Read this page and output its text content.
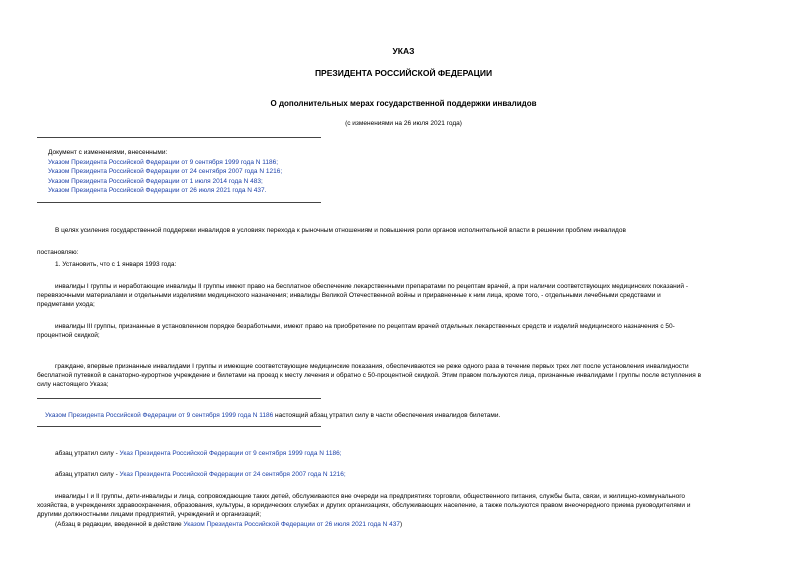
УКАЗ
ПРЕЗИДЕНТА РОССИЙСКОЙ ФЕДЕРАЦИИ
О дополнительных мерах государственной поддержки инвалидов
(с изменениями на 26 июля 2021 года)
Документ с изменениями, внесенными:
Указом Президента Российской Федерации от 9 сентября 1999 года N 1186;
Указом Президента Российской Федерации от 24 сентября 2007 года N 1216;
Указом Президента Российской Федерации от 1 июля 2014 года N 483;
Указом Президента Российской Федерации от 26 июля 2021 года N 437.
В целях усиления государственной поддержки инвалидов в условиях перехода к рыночным отношениям и повышения роли органов исполнительной власти в решении проблем инвалидов
постановляю:
1. Установить, что с 1 января 1993 года:
инвалиды I группы и неработающие инвалиды II группы имеют право на бесплатное обеспечение лекарственными препаратами по рецептам врачей, а при наличии соответствующих медицинских показаний -
перевязочными материалами и отдельными изделиями медицинского назначения; инвалиды Великой Отечественной войны и приравненные к ним лица, кроме того, - отдельными лечебными средствами и
предметами ухода;
инвалиды III группы, признанные в установленном порядке безработными, имеют право на приобретение по рецептам врачей отдельных лекарственных средств и изделий медицинского назначения с 50-
процентной скидкой;
граждане, впервые признанные инвалидами I группы и имеющие соответствующие медицинские показания, обеспечиваются не реже одного раза в течение первых трех лет после установления инвалидности
бесплатной путевкой в санаторно-курортное учреждение и билетами на проезд к месту лечения и обратно с 50-процентной скидкой. Этим правом пользуются лица, признанные инвалидами I группы после вступления в
силу настоящего Указа;
Указом Президента Российской Федерации от 9 сентября 1999 года N 1186 настоящий абзац утратил силу в части обеспечения инвалидов билетами.
абзац утратил силу - Указ Президента Российской Федерации от 9 сентября 1999 года N 1186;
абзац утратил силу - Указ Президента Российской Федерации от 24 сентября 2007 года N 1216;
инвалиды I и II группы, дети-инвалиды и лица, сопровождающие таких детей, обслуживаются вне очереди на предприятиях торговли, общественного питания, службы быта, связи, и жилищно-коммунального
хозяйства, в учреждениях здравоохранения, образования, культуры, в юридических службах и других организациях, обслуживающих население, а также пользуются правом внеочередного приема руководителями и
другими должностными лицами предприятий, учреждений и организаций;
(Абзац в редакции, введенной в действие Указом Президента Российской Федерации от 26 июля 2021 года N 437)
